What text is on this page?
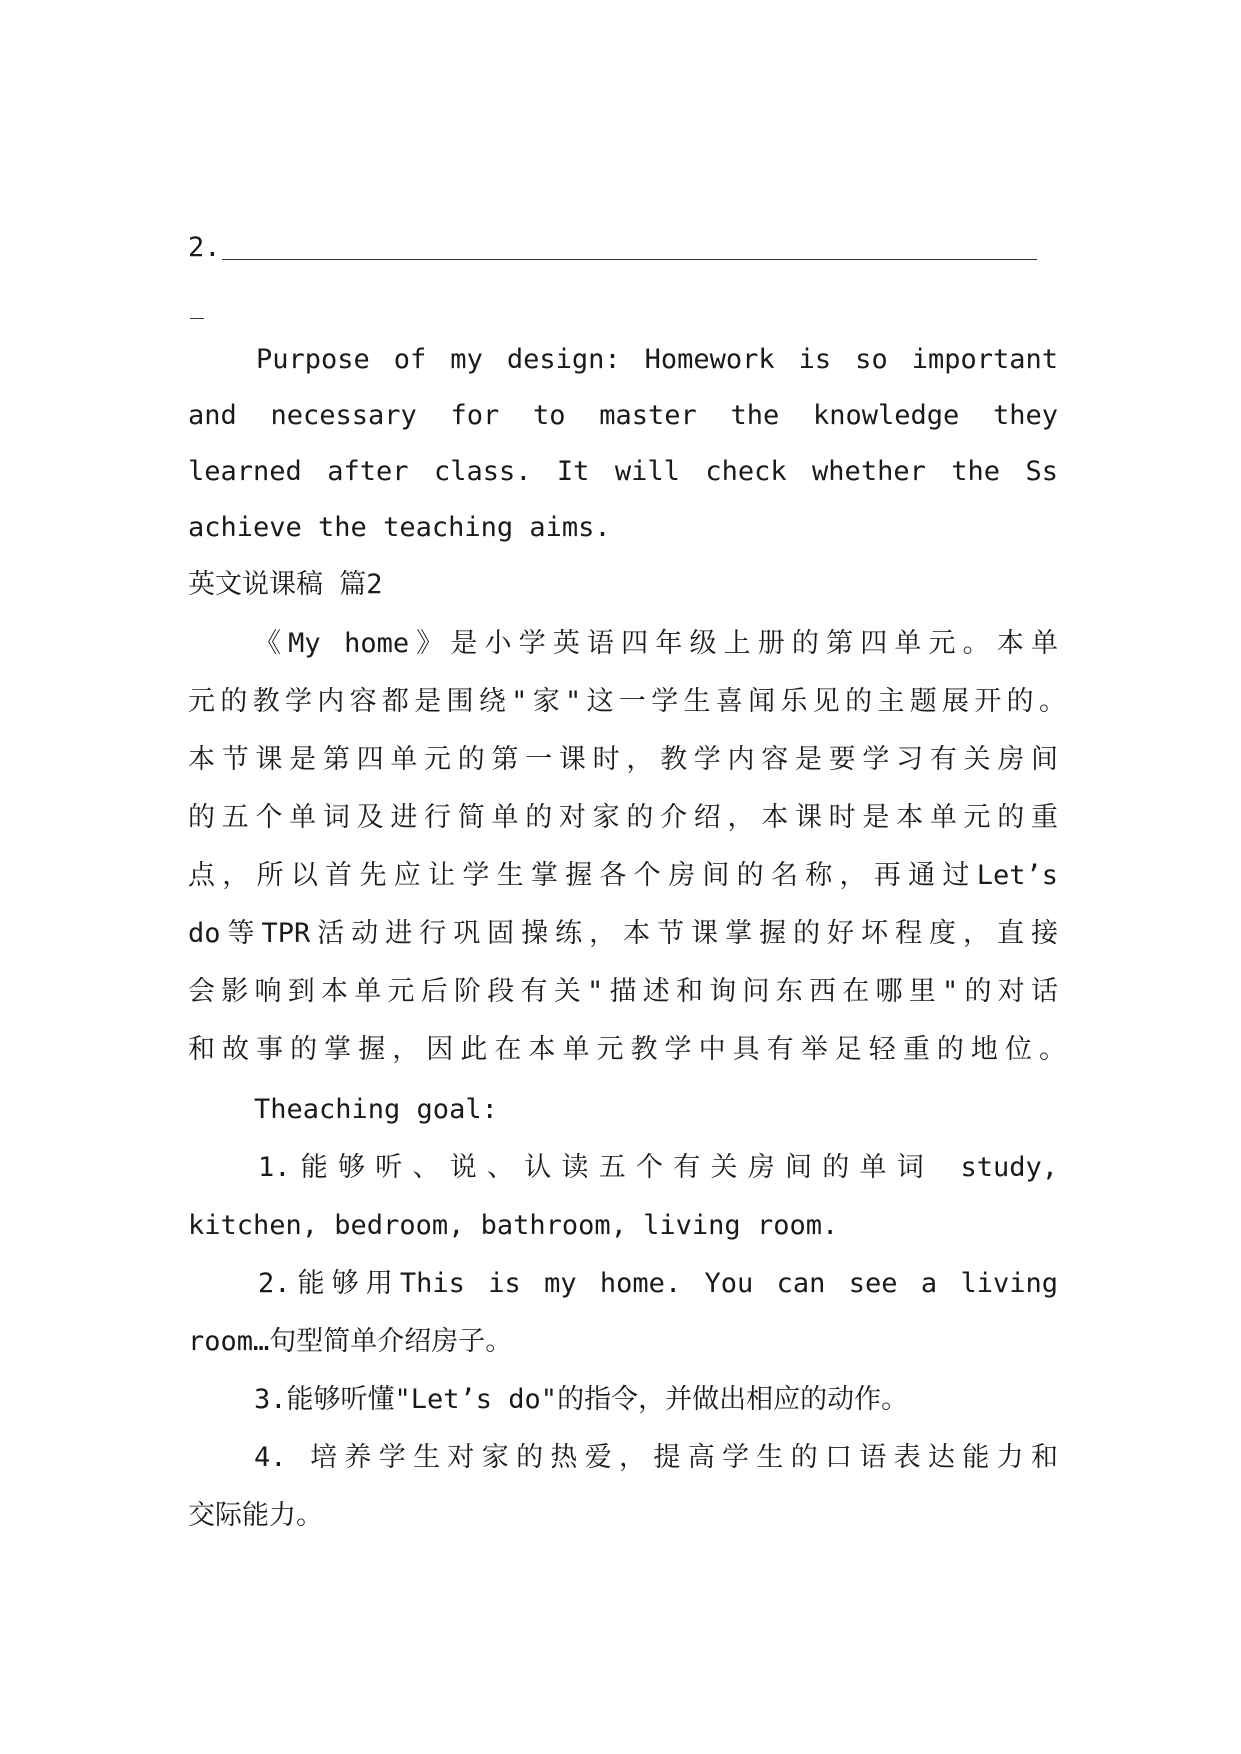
2.
Purpose of my design: Homework is so important
and necessary for to master the knowledge they
learned after class. It will check whether the Ss
achieve the teaching aims.
英文说课稿 篇2
《My home》是小学英语四年级上册的第四单元。本单
元的教学内容都是围绕"家"这一学生喜闻乐见的主题展开的。
本节课是第四单元的第一课时，教学内容是要学习有关房间
的五个单词及进行简单的对家的介绍，本课时是本单元的重
点，所以首先应让学生掌握各个房间的名称，再通过Let’s
do等TPR活动进行巩固操练，本节课掌握的好坏程度，直接
会影响到本单元后阶段有关"描述和询问东西在哪里"的对话
和故事的掌握，因此在本单元教学中具有举足轻重的地位。
Theaching goal:
1.能够听、说、认读五个有关房间的单词 study,
kitchen, bedroom, bathroom, living room.
2.能够用This is my home. You can see a living
room…句型简单介绍房子。
3.能够听懂"Let’s do"的指令，并做出相应的动作。
4. 培养学生对家的热爱，提高学生的口语表达能力和
交际能力。
